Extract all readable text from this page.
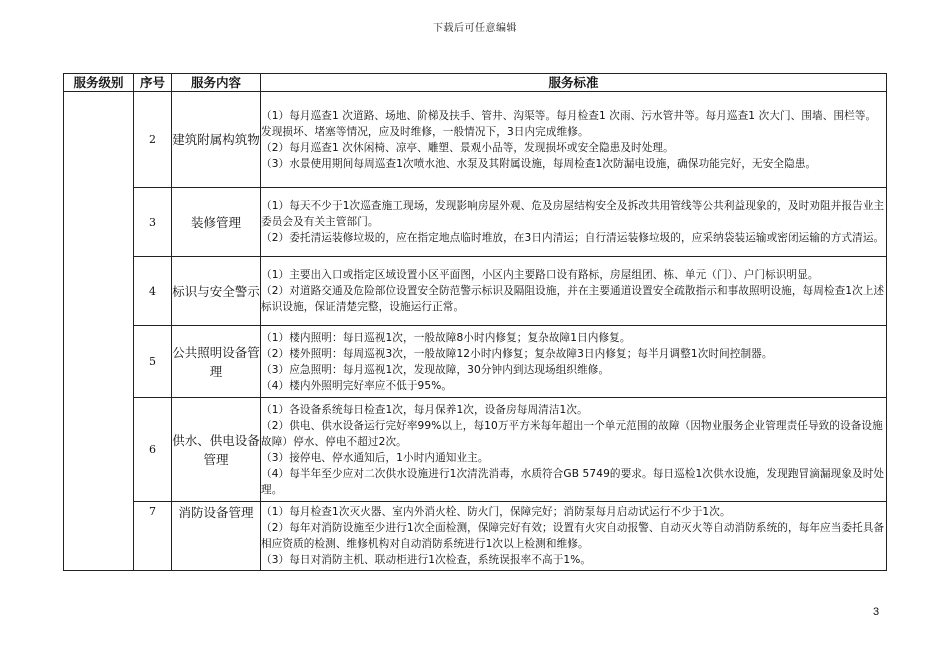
下载后可任意编辑
服务级别	序号	服务内容	服务标准
	2	建筑附属构筑物	（1）每月巡查1 次道路、场地、阶梯及扶手、管井、沟渠等。每月检查1 次雨、污水管井等。每月巡查1 次大门、围墙、围栏等。发现损坏、堵塞等情况，应及时维修，一般情况下，3日内完成维修。
（2）每月巡查1 次休闲椅、凉亭、雕塑、景观小品等，发现损坏或安全隐患及时处理。
（3）水景使用期间每周巡查1次喷水池、水泵及其附属设施，每周检查1次防漏电设施，确保功能完好，无安全隐患。

	3	装修管理	（1）每天不少于1次巡查施工现场，发现影响房屋外观、危及房屋结构安全及拆改共用管线等公共利益现象的，及时劝阻并报告业主委员会及有关主管部门。
（2）委托清运装修垃圾的，应在指定地点临时堆放，在3日内清运；自行清运装修垃圾的，应采纳袋装运输或密闭运输的方式清运。

	4	标识与安全警示	（1）主要出入口或指定区域设置小区平面图，小区内主要路口设有路标，房屋组团、栋、单元（门）、户门标识明显。
（2）对道路交通及危险部位设置安全防范警示标识及隔阻设施，并在主要通道设置安全疏散指示和事故照明设施，每周检查1次上述标识设施，保证清楚完整，设施运行正常。

	5	公共照明设备管理	（1）楼内照明：每日巡视1次，一般故障8小时内修复；复杂故障1日内修复。
（2）楼外照明：每周巡视3次，一般故障12小时内修复；复杂故障3日内修复；每半月调整1次时间控制器。
（3）应急照明：每月巡视1次，发现故障，30分钟内到达现场组织维修。
（4）楼内外照明完好率应不低于95%。

	6	供水、供电设备管理	（1）各设备系统每日检查1次，每月保养1次，设备房每周清洁1次。
（2）供电、供水设备运行完好率99%以上，每10万平方米每年超出一个单元范围的故障（因物业服务企业管理责任导致的设备设施故障）停水、停电不超过2次。
（3）接停电、停水通知后，1小时内通知业主。
（4）每半年至少应对二次供水设施进行1次清洗消毒，水质符合GB 5749的要求。每日巡检1次供水设施，发现跑冒滴漏现象及时处理。

	7	消防设备管理	（1）每月检查1次灭火器、室内外消火栓、防火门，保障完好；消防泵每月启动试运行不少于1次。
（2）每年对消防设施至少进行1次全面检测，保障完好有效；设置有火灾自动报警、自动灭火等自动消防系统的，每年应当委托具备相应资质的检测、维修机构对自动消防系统进行1次以上检测和维修。
（3）每日对消防主机、联动柜进行1次检查，系统误报率不高于1%。
3
